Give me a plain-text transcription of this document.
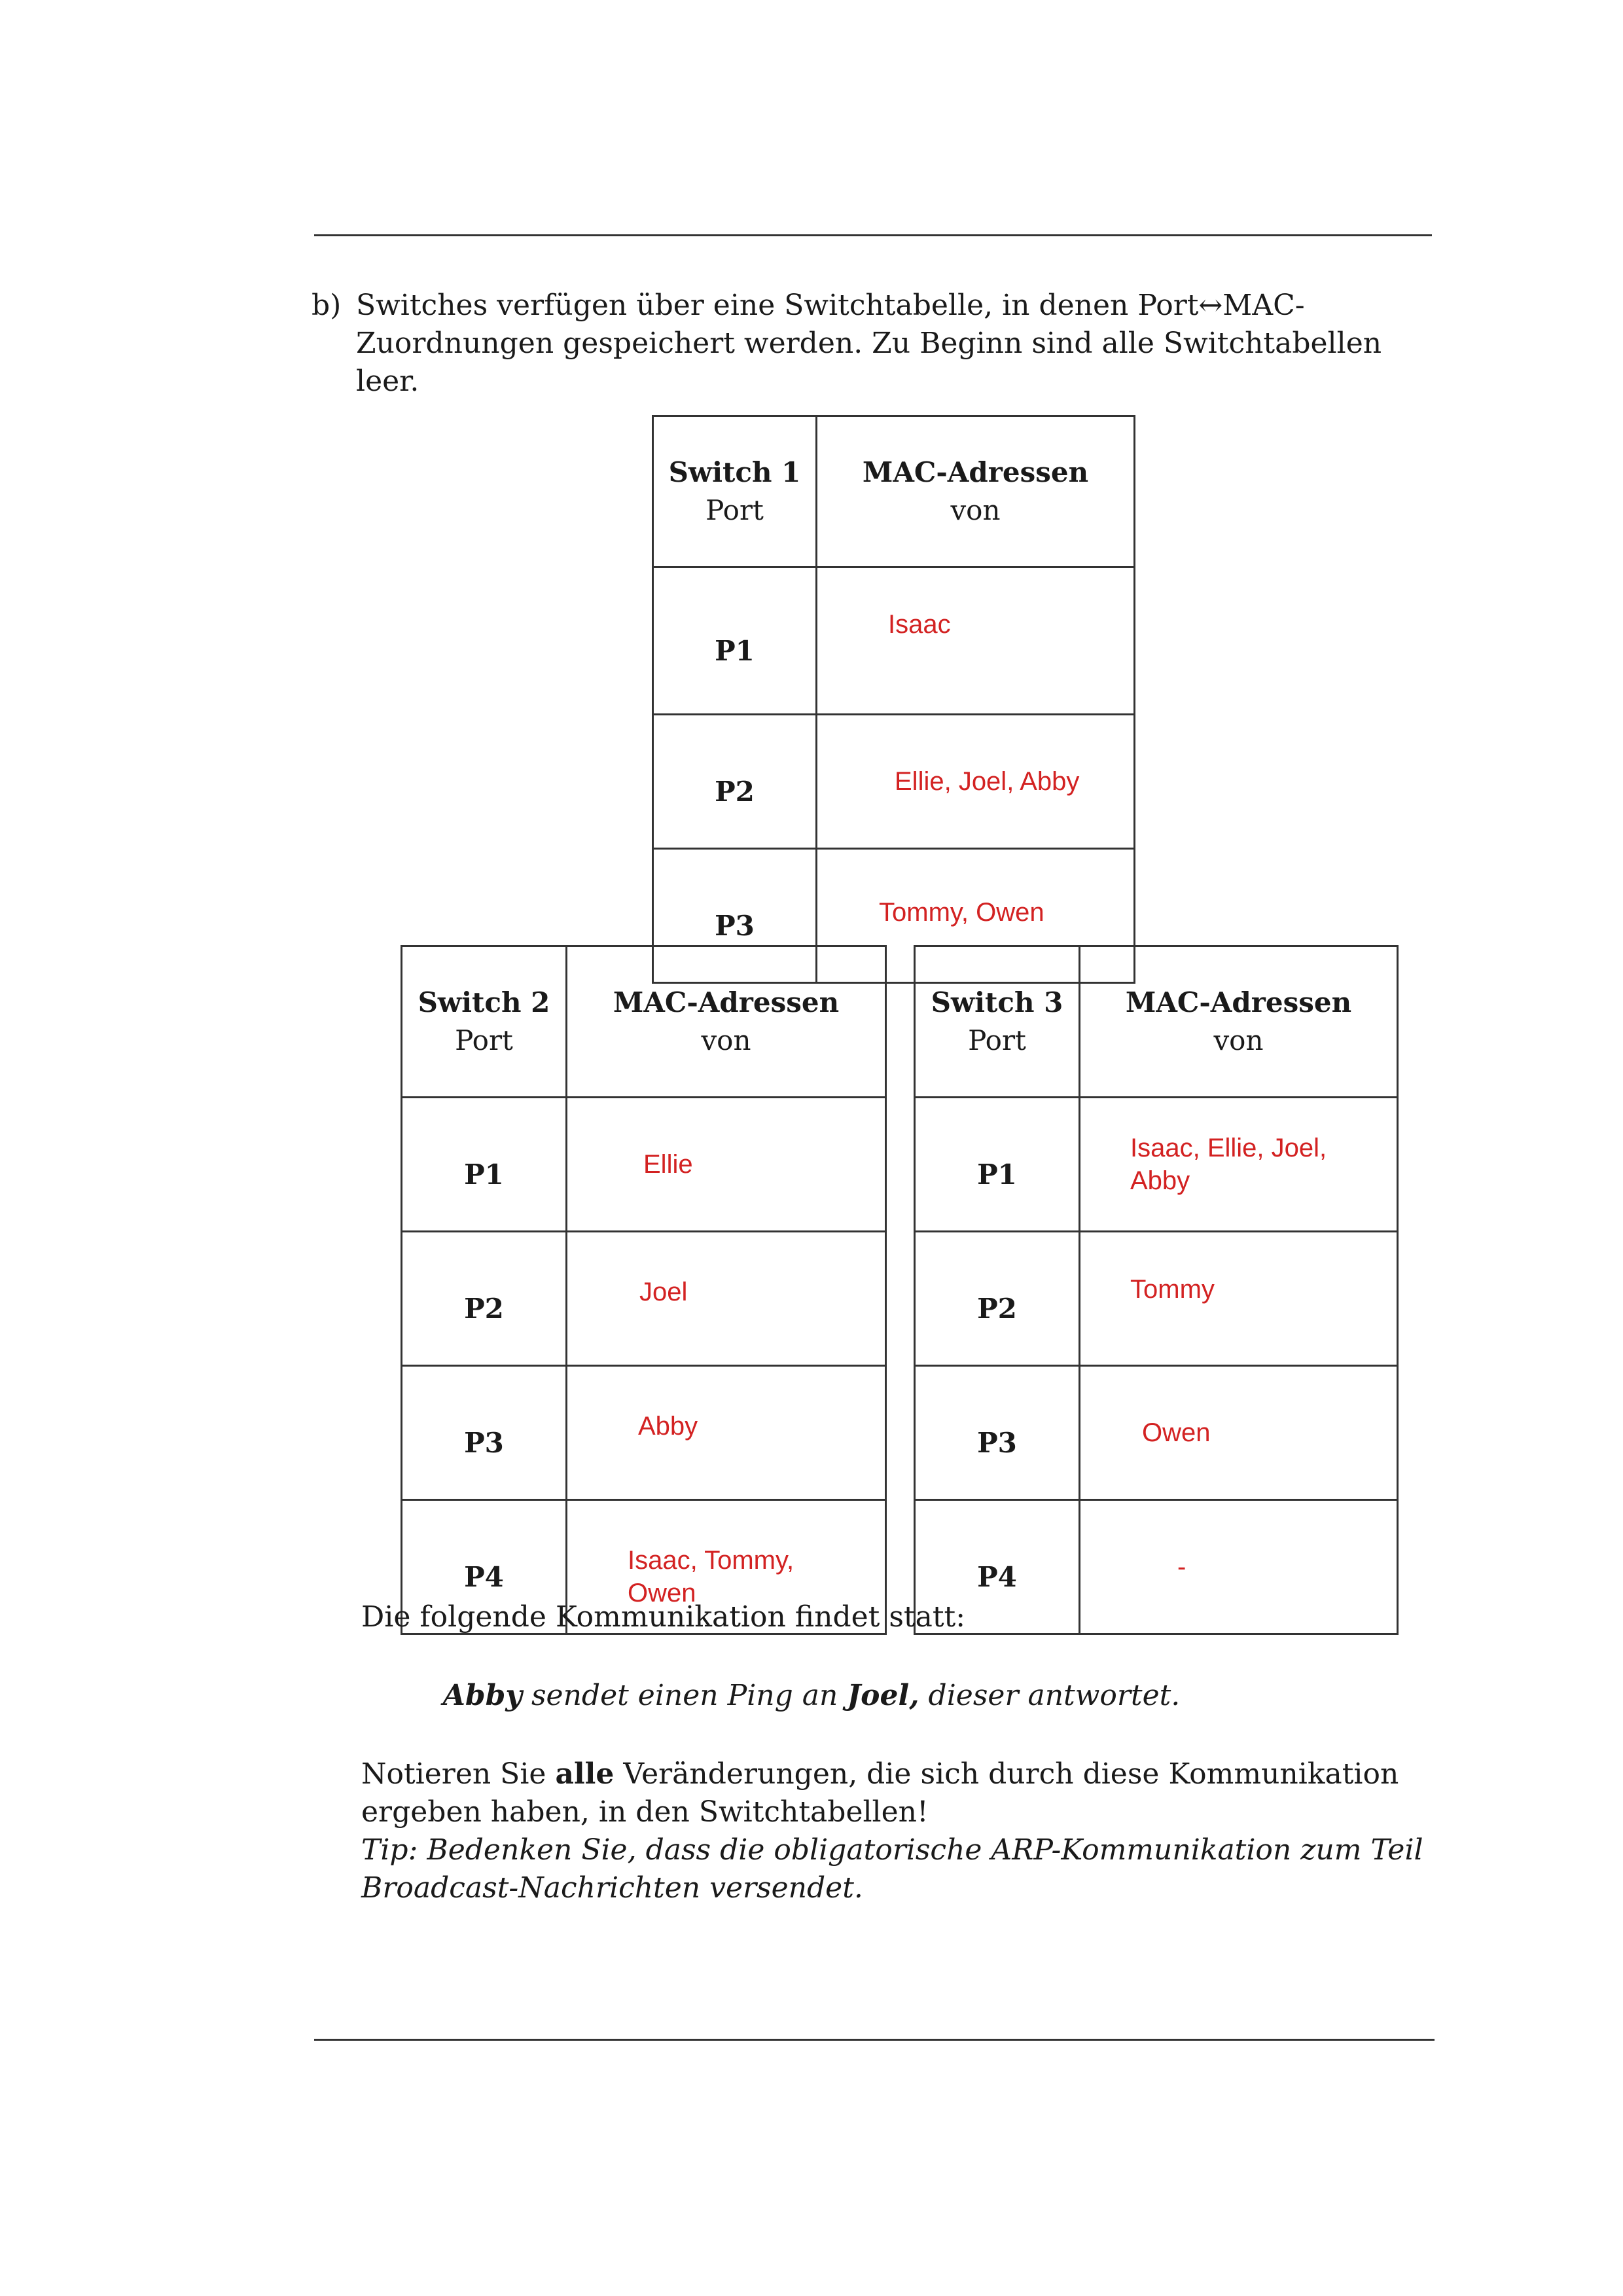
b) Switches verfügen über eine Switchtabelle, in denen Port↔MAC-Zuordnungen gespeichert werden. Zu Beginn sind alle Switchtabellen leer.
Switch 1
Port	MAC-Adressen
von
P1	Isaac
P2	Ellie, Joel, Abby
P3	Tommy, Owen
Switch 2
Port	MAC-Adressen
von
P1	Ellie
P2	Joel
P3	Abby
P4	Isaac, Tommy, Owen
Switch 3
Port	MAC-Adressen
von
P1	Isaac, Ellie, Joel, Abby
P2	Tommy
P3	Owen
P4	-
Die folgende Kommunikation findet statt:
Abby sendet einen Ping an Joel, dieser antwortet.
Notieren Sie alle Veränderungen, die sich durch diese Kommunikation ergeben haben, in den Switchtabellen!
Tip: Bedenken Sie, dass die obligatorische ARP-Kommunikation zum Teil Broadcast-Nachrichten versendet.
